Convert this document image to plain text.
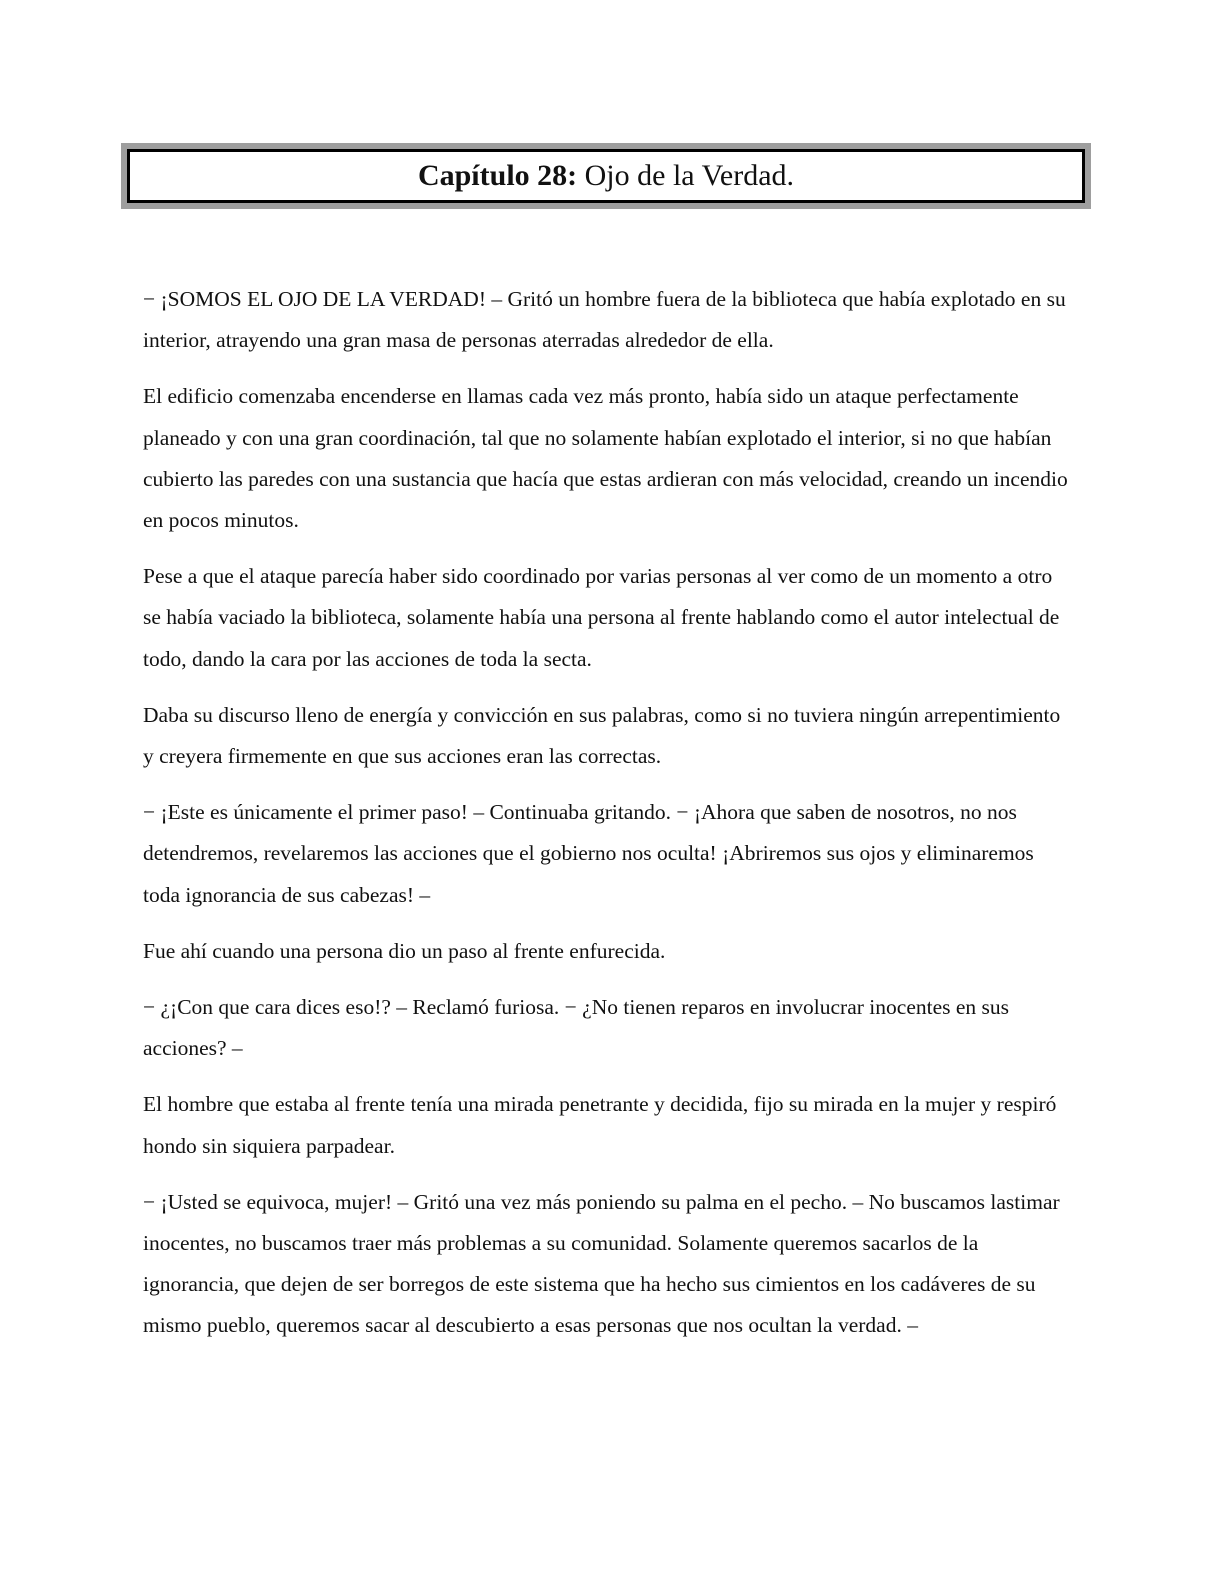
Capítulo 28:
Ojo de la Verdad.

− ¡SOMOS EL OJO DE LA VERDAD! – Gritó un hombre fuera de la biblioteca que había explotado en su interior, atrayendo una gran masa de personas aterradas alrededor de ella.

El edificio comenzaba encenderse en llamas cada vez más pronto, había sido un ataque perfectamente planeado y con una gran coordinación, tal que no solamente habían explotado el interior, si no que habían cubierto las paredes con una sustancia que hacía que estas ardieran con más velocidad, creando un incendio en pocos minutos.

Pese a que el ataque parecía haber sido coordinado por varias personas al ver como de un momento a otro se había vaciado la biblioteca, solamente había una persona al frente hablando como el autor intelectual de todo, dando la cara por las acciones de toda la secta.

Daba su discurso lleno de energía y convicción en sus palabras, como si no tuviera ningún arrepentimiento y creyera firmemente en que sus acciones eran las correctas.

− ¡Este es únicamente el primer paso! – Continuaba gritando. − ¡Ahora que saben de nosotros, no nos detendremos, revelaremos las acciones que el gobierno nos oculta! ¡Abriremos sus ojos y eliminaremos toda ignorancia de sus cabezas! –

Fue ahí cuando una persona dio un paso al frente enfurecida.

− ¿¡Con que cara dices eso!? – Reclamó furiosa. − ¿No tienen reparos en involucrar inocentes en sus acciones? –

El hombre que estaba al frente tenía una mirada penetrante y decidida, fijo su mirada en la mujer y respiró hondo sin siquiera parpadear.

− ¡Usted se equivoca, mujer! – Gritó una vez más poniendo su palma en el pecho. – No buscamos lastimar inocentes, no buscamos traer más problemas a su comunidad. Solamente queremos sacarlos de la ignorancia, que dejen de ser borregos de este sistema que ha hecho sus cimientos en los cadáveres de su mismo pueblo, queremos sacar al descubierto a esas personas que nos ocultan la verdad. –
